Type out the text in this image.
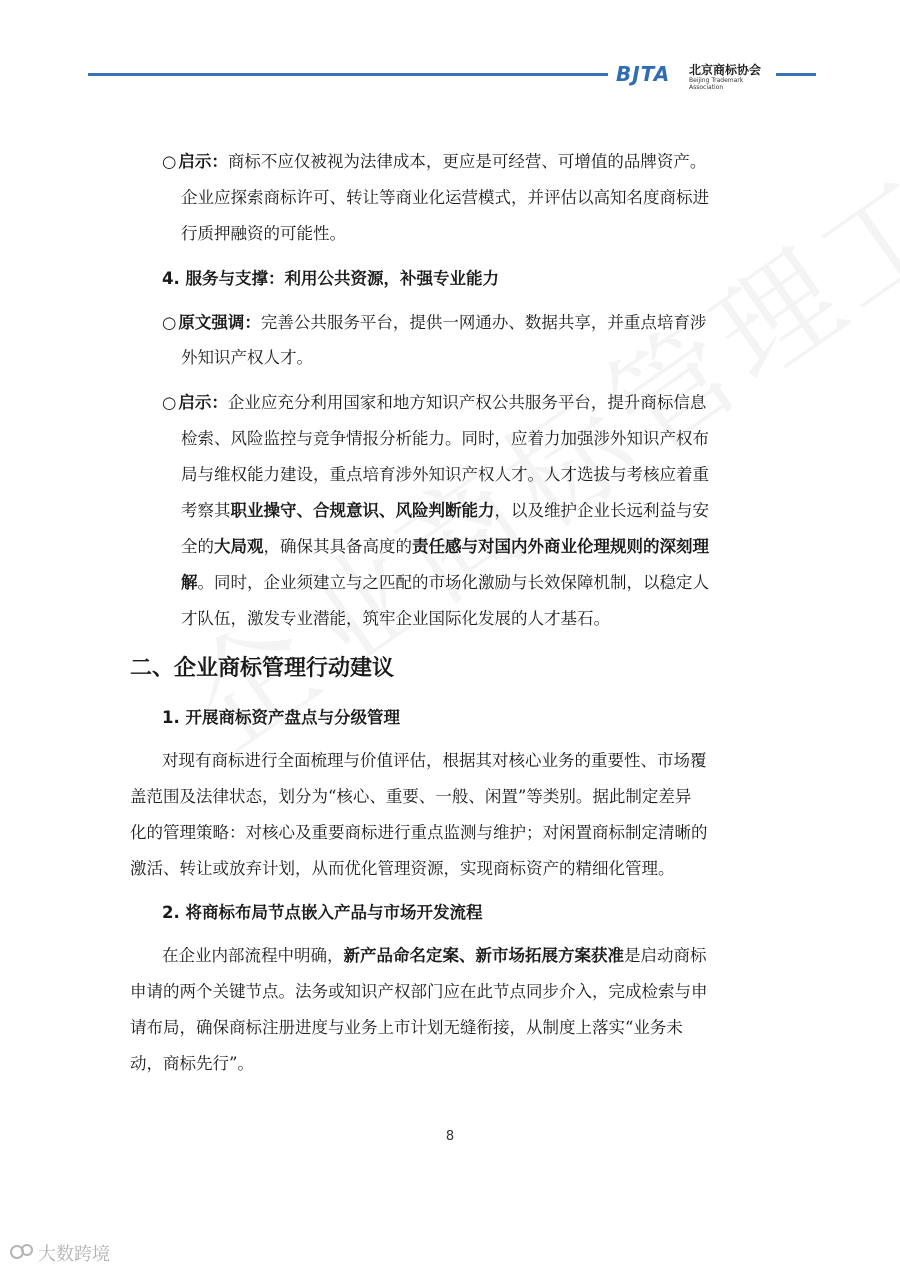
BJTA 北京商标协会
Beijing Trademark Association
○ 启示：商标不应仅被视为法律成本，更应是可经营、可增值的品牌资产。
企业应探索商标许可、转让等商业化运营模式，并评估以高知名度商标进
行质押融资的可能性。
4. 服务与支撑：利用公共资源，补强专业能力
○ 原文强调：完善公共服务平台，提供一网通办、数据共享，并重点培育涉
外知识产权人才。
○ 启示：企业应充分利用国家和地方知识产权公共服务平台，提升商标信息
检索、风险监控与竞争情报分析能力。同时，应着力加强涉外知识产权布
局与维权能力建设，重点培育涉外知识产权人才。人才选拔与考核应着重
考察其职业操守、合规意识、风险判断能力，以及维护企业长远利益与安
全的大局观，确保其具备高度的责任感与对国内外商业伦理规则的深刻理
解。同时，企业须建立与之匹配的市场化激励与长效保障机制，以稳定人
才队伍，激发专业潜能，筑牢企业国际化发展的人才基石。
二、企业商标管理行动建议
1. 开展商标资产盘点与分级管理
对现有商标进行全面梳理与价值评估，根据其对核心业务的重要性、市场覆
盖范围及法律状态，划分为“核心、重要、一般、闲置”等类别。据此制定差异
化的管理策略：对核心及重要商标进行重点监测与维护；对闲置商标制定清晰的
激活、转让或放弃计划，从而优化管理资源，实现商标资产的精细化管理。
2. 将商标布局节点嵌入产品与市场开发流程
在企业内部流程中明确，新产品命名定案、新市场拓展方案获准是启动商标
申请的两个关键节点。法务或知识产权部门应在此节点同步介入，完成检索与申
请布局，确保商标注册进度与业务上市计划无缝衔接，从制度上落实“业务未
动，商标先行”。
8
大数跨境
